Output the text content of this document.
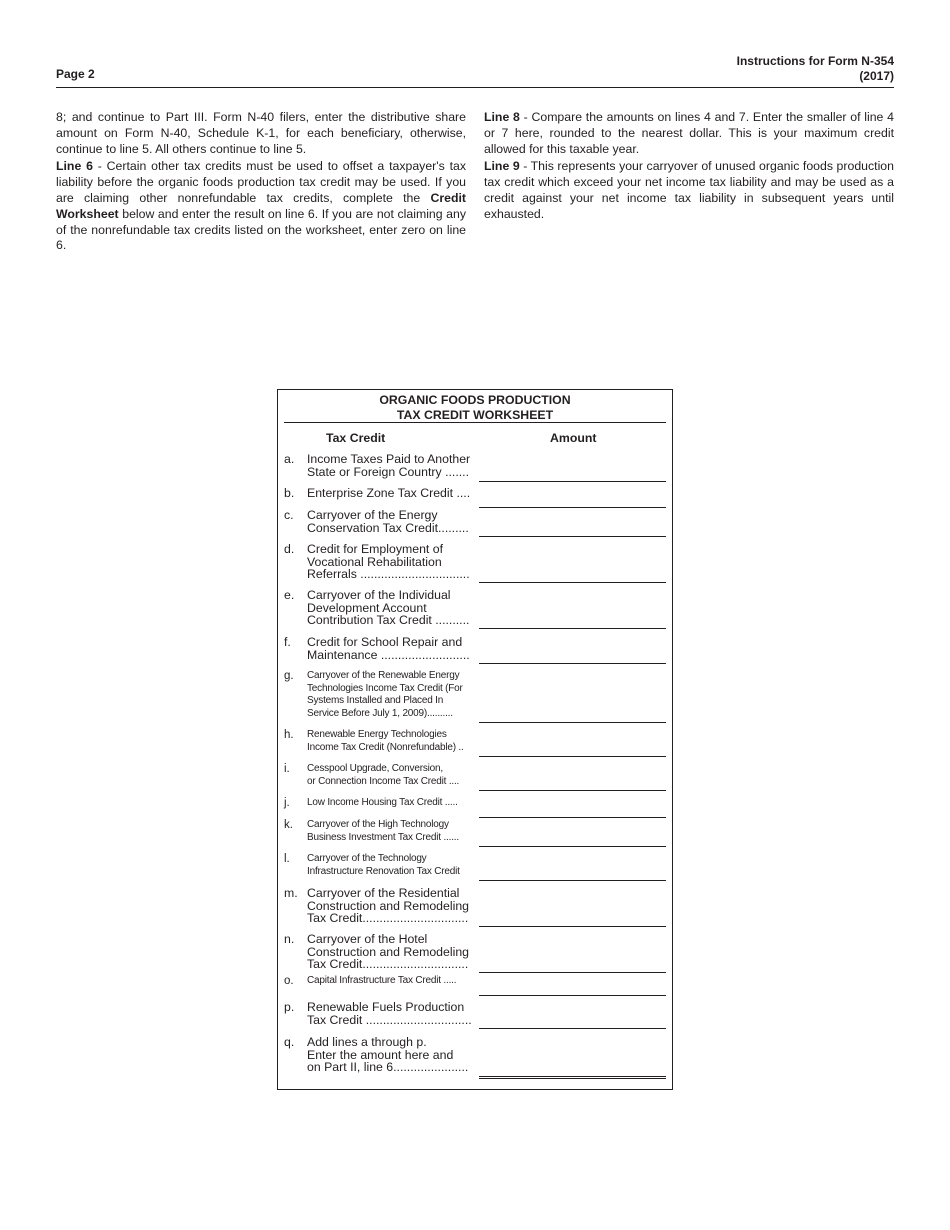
Page 2
Instructions for Form N-354
(2017)

8; and continue to Part III. Form N-40 filers, enter the distributive share amount on Form N-40, Schedule K-1, for each beneficiary, otherwise, continue to line 5. All others continue to line 5.

Line 6 - Certain other tax credits must be used to offset a taxpayer's tax liability before the organic foods production tax credit may be used. If you are claiming other nonrefundable tax credits, complete the Credit Worksheet below and enter the result on line 6. If you are not claiming any of the nonrefundable tax credits listed on the worksheet, enter zero on line 6.

Line 8 - Compare the amounts on lines 4 and 7. Enter the smaller of line 4 or 7 here, rounded to the nearest dollar. This is your maximum credit allowed for this taxable year.

Line 9 - This represents your carryover of unused organic foods production tax credit which exceed your net income tax liability and may be used as a credit against your net income tax liability in subsequent years until exhausted.

ORGANIC FOODS PRODUCTION
TAX CREDIT WORKSHEET
Tax Credit	Amount
a. Income Taxes Paid to Another
State or Foreign Country .......
b. Enterprise Zone Tax Credit ....
c. Carryover of the Energy
Conservation Tax Credit.........
d. Credit for Employment of
Vocational Rehabilitation
Referrals ................................
e. Carryover of the Individual
Development Account
Contribution Tax Credit ..........
f. Credit for School Repair and
Maintenance ..........................
g. Carryover of the Renewable Energy
Technologies Income Tax Credit (For
Systems Installed and Placed In
Service Before July 1, 2009)..........
h. Renewable Energy Technologies
Income Tax Credit (Nonrefundable) ..
i. Cesspool Upgrade, Conversion,
or Connection Income Tax Credit ....
j. Low Income Housing Tax Credit .....
k. Carryover of the High Technology
Business Investment Tax Credit ......
l. Carryover of the Technology
Infrastructure Renovation Tax Credit
m. Carryover of the Residential
Construction and Remodeling
Tax Credit...............................
n. Carryover of the Hotel
Construction and Remodeling
Tax Credit...............................
o. Capital Infrastructure Tax Credit .....
p. Renewable Fuels Production
Tax Credit ...............................
q. Add lines a through p.
Enter the amount here and
on Part II, line 6......................
